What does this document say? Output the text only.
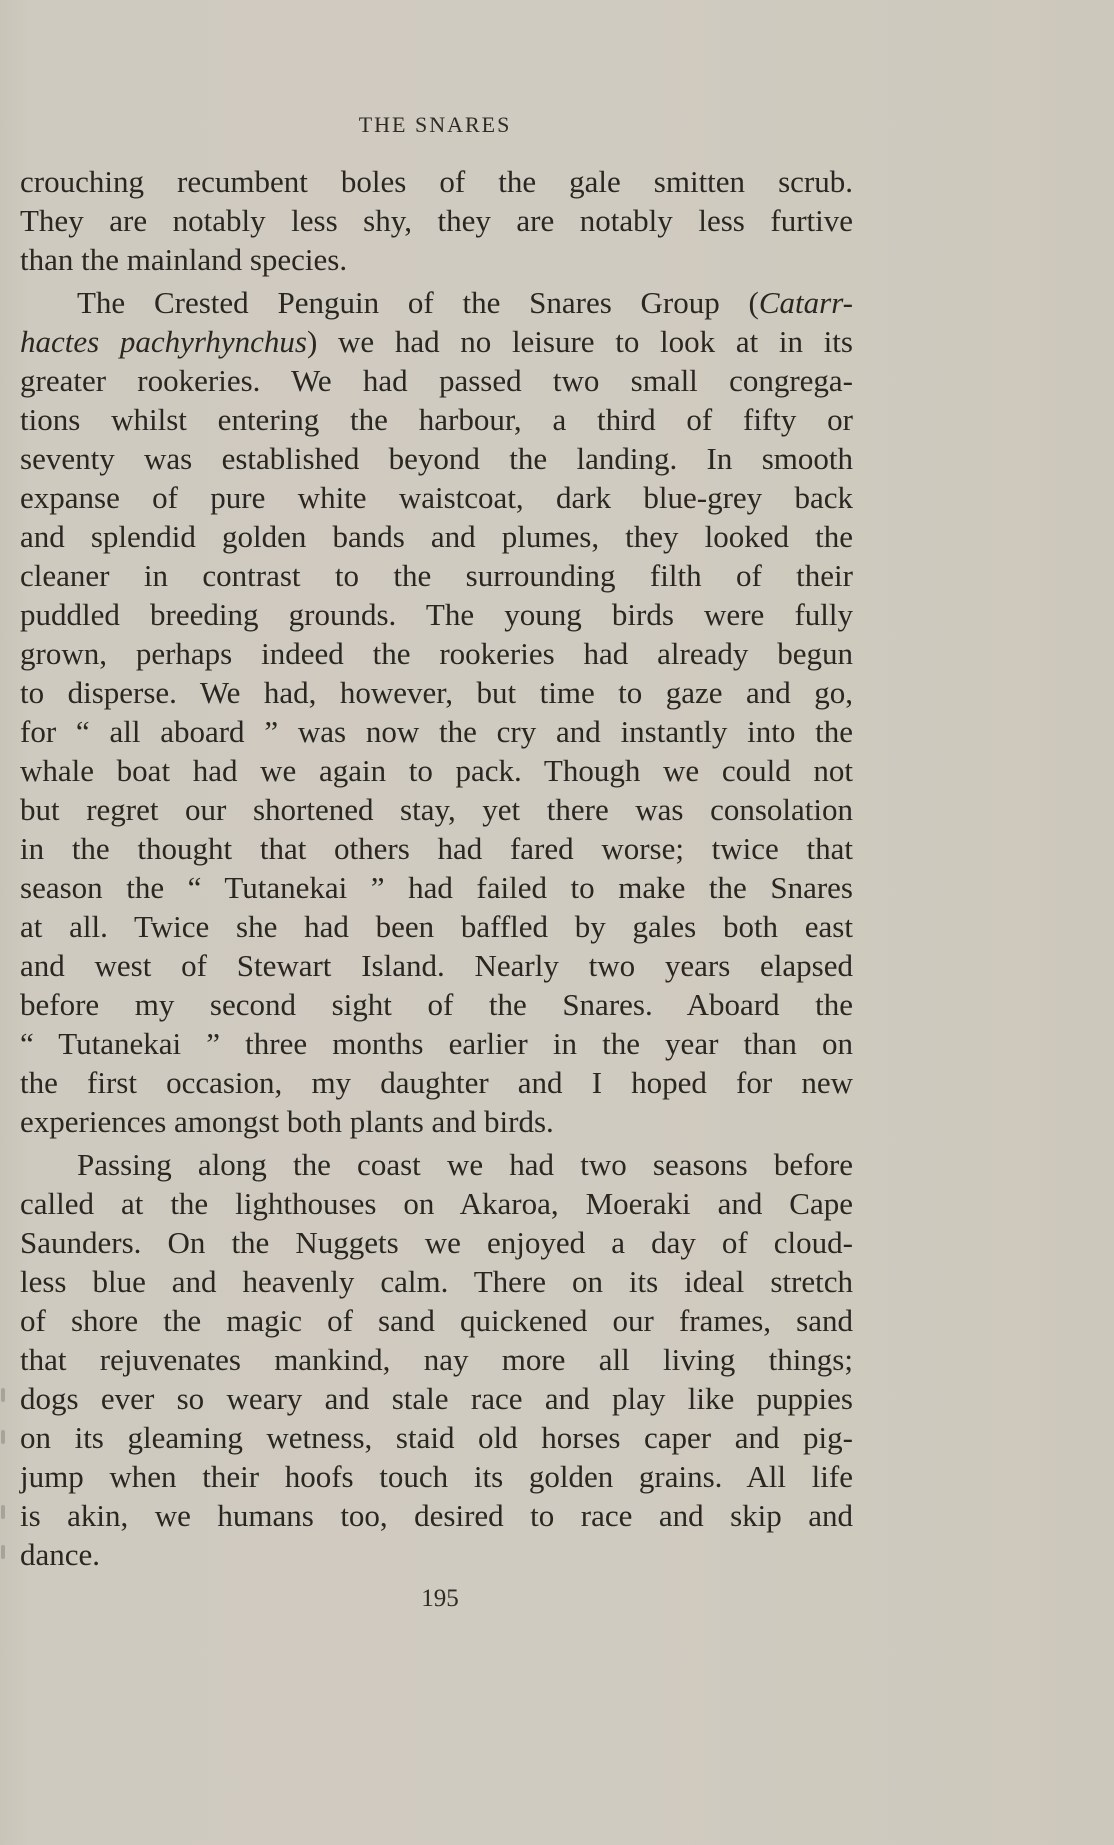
THE SNARES
crouching recumbent boles of the gale smitten scrub.
They are notably less shy, they are notably less furtive
than the mainland species.
The Crested Penguin of the Snares Group (Catarr-
hactes pachyrhynchus) we had no leisure to look at in its
greater rookeries. We had passed two small congrega-
tions whilst entering the harbour, a third of fifty or
seventy was established beyond the landing. In smooth
expanse of pure white waistcoat, dark blue-grey back
and splendid golden bands and plumes, they looked the
cleaner in contrast to the surrounding filth of their
puddled breeding grounds. The young birds were fully
grown, perhaps indeed the rookeries had already begun
to disperse. We had, however, but time to gaze and go,
for “ all aboard ” was now the cry and instantly into the
whale boat had we again to pack. Though we could not
but regret our shortened stay, yet there was consolation
in the thought that others had fared worse; twice that
season the “ Tutanekai ” had failed to make the Snares
at all. Twice she had been baffled by gales both east
and west of Stewart Island. Nearly two years elapsed
before my second sight of the Snares. Aboard the
“ Tutanekai ” three months earlier in the year than on
the first occasion, my daughter and I hoped for new
experiences amongst both plants and birds.
Passing along the coast we had two seasons before
called at the lighthouses on Akaroa, Moeraki and Cape
Saunders. On the Nuggets we enjoyed a day of cloud-
less blue and heavenly calm. There on its ideal stretch
of shore the magic of sand quickened our frames, sand
that rejuvenates mankind, nay more all living things;
dogs ever so weary and stale race and play like puppies
on its gleaming wetness, staid old horses caper and pig-
jump when their hoofs touch its golden grains. All life
is akin, we humans too, desired to race and skip and
dance.
195
